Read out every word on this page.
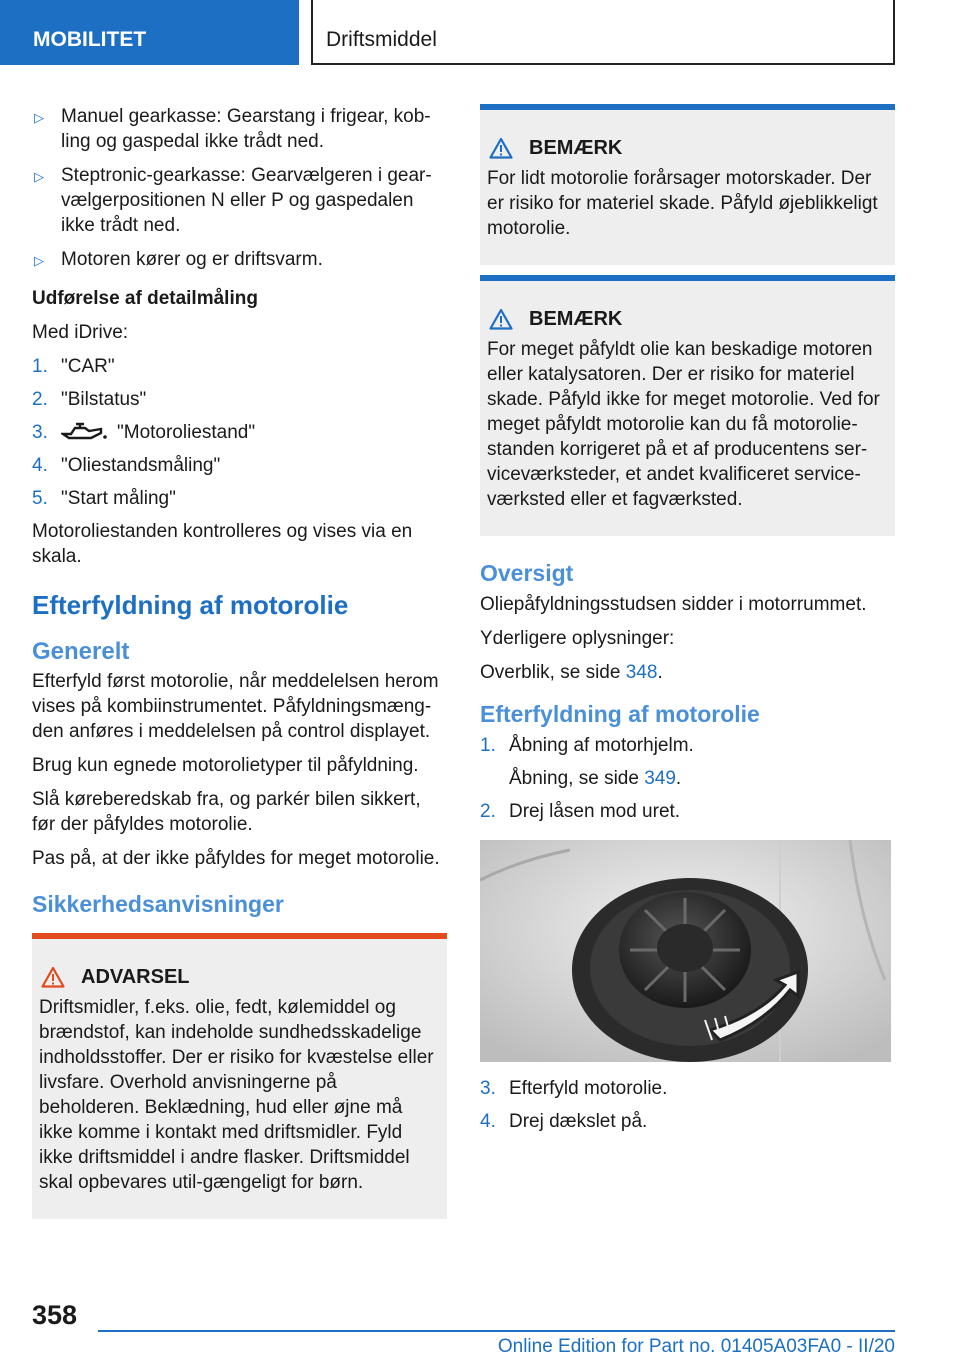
MOBILITET	Driftsmiddel
▷ Manuel gearkasse: Gearstang i frigear, kob-ling og gaspedal ikke trådt ned.
▷ Steptronic-gearkasse: Gearvælgeren i gear-vælgerpositionen N eller P og gaspedalen ikke trådt ned.
▷ Motoren kører og er driftsvarm.
Udførelse af detailmåling

Med iDrive:

1. "CAR"
2. "Bilstatus"
3.	"Motoroliestand"
4. "Oliestandsmåling"
5. "Start måling"

Motoroliestanden kontrolleres og vises via en skala.

Efterfyldning af motorolie
Generelt

Efterfyld først motorolie, når meddelelsen herom vises på kombiinstrumentet. Påfyldningsmæng-den anføres i meddelelsen på control displayet.

Brug kun egnede motorolietyper til påfyldning.

Slå køreberedskab fra, og parkér bilen sikkert, før der påfyldes motorolie.

Pas på, at der ikke påfyldes for meget motorolie.

Sikkerhedsanvisninger
ADVARSEL
Driftsmidler, f.eks. olie, fedt, kølemiddel og brændstof, kan indeholde sundhedsskadelige indholdsstoffer. Der er risiko for kvæstelse eller livsfare. Overhold anvisningerne på beholderen. Beklædning, hud eller øjne må ikke komme i kontakt med driftsmidler. Fyld ikke driftsmiddel i andre flasker. Driftsmiddel skal opbevares util-gængeligt for børn.
BEMÆRK
For lidt motorolie forårsager motorskader. Der er risiko for materiel skade. Påfyld øjeblikkeligt motorolie.
BEMÆRK
For meget påfyldt olie kan beskadige motoren eller katalysatoren. Der er risiko for materiel skade. Påfyld ikke for meget motorolie. Ved for meget påfyldt motorolie kan du få motorolie-standen korrigeret på et af producentens ser-viceværksteder, et andet kvalificeret service-værksted eller et fagværksted.
Oversigt

Oliepåfyldningsstudsen sidder i motorrummet.

Yderligere oplysninger:

Overblik, se side 348.

Efterfyldning af motorolie
1. Åbning af motorhjelm.
Åbning, se side 349.
2. Drej låsen mod uret.
3. Efterfyld motorolie.
4. Drej dækslet på.
358
Online Edition for Part no. 01405A03FA0 - II/20
